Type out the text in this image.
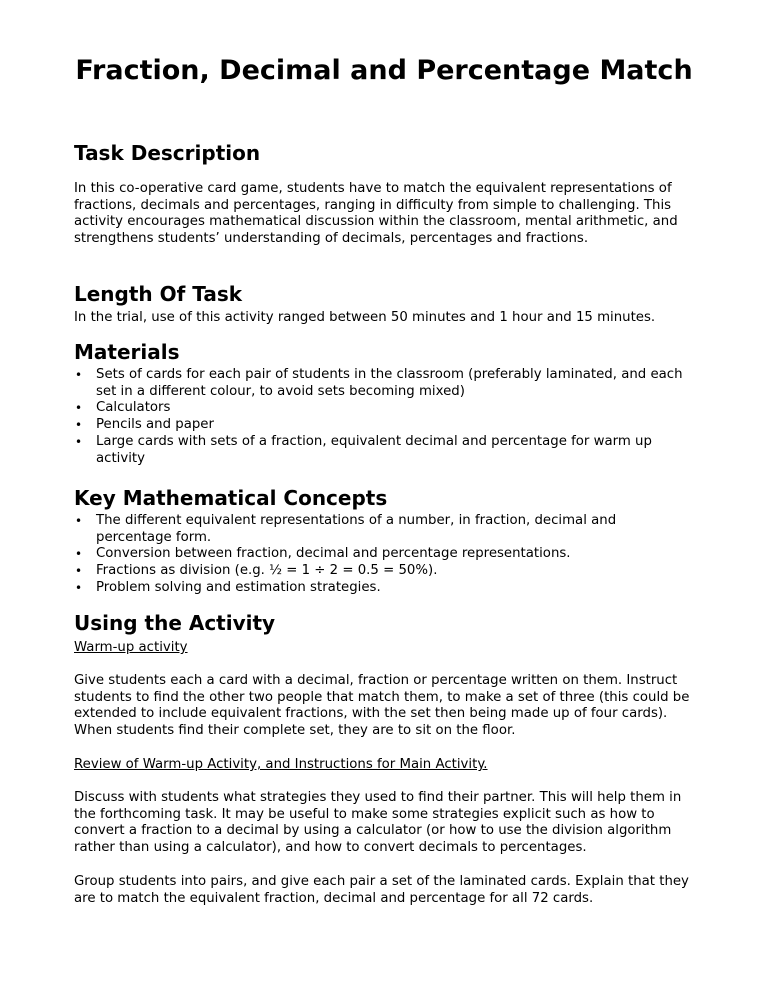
Fraction, Decimal and Percentage Match
Task Description

In this co-operative card game, students have to match the equivalent representations of fractions, decimals and percentages, ranging in difficulty from simple to challenging. This activity encourages mathematical discussion within the classroom, mental arithmetic, and strengthens students’ understanding of decimals, percentages and fractions.

Length Of Task

In the trial, use of this activity ranged between 50 minutes and 1 hour and 15 minutes.

Materials
• Sets of cards for each pair of students in the classroom (preferably laminated, and each set in a different colour, to avoid sets becoming mixed)
• Calculators
• Pencils and paper
• Large cards with sets of a fraction, equivalent decimal and percentage for warm up activity
Key Mathematical Concepts
• The different equivalent representations of a number, in fraction, decimal and percentage form.
• Conversion between fraction, decimal and percentage representations.
• Fractions as division (e.g. ½ = 1 ÷ 2 = 0.5 = 50%).
• Problem solving and estimation strategies.
Using the Activity

Warm-up activity

Give students each a card with a decimal, fraction or percentage written on them. Instruct students to find the other two people that match them, to make a set of three (this could be extended to include equivalent fractions, with the set then being made up of four cards). When students find their complete set, they are to sit on the floor.

Review of Warm-up Activity, and Instructions for Main Activity.

Discuss with students what strategies they used to find their partner. This will help them in the forthcoming task. It may be useful to make some strategies explicit such as how to convert a fraction to a decimal by using a calculator (or how to use the division algorithm rather than using a calculator), and how to convert decimals to percentages.

Group students into pairs, and give each pair a set of the laminated cards. Explain that they are to match the equivalent fraction, decimal and percentage for all 72 cards.
